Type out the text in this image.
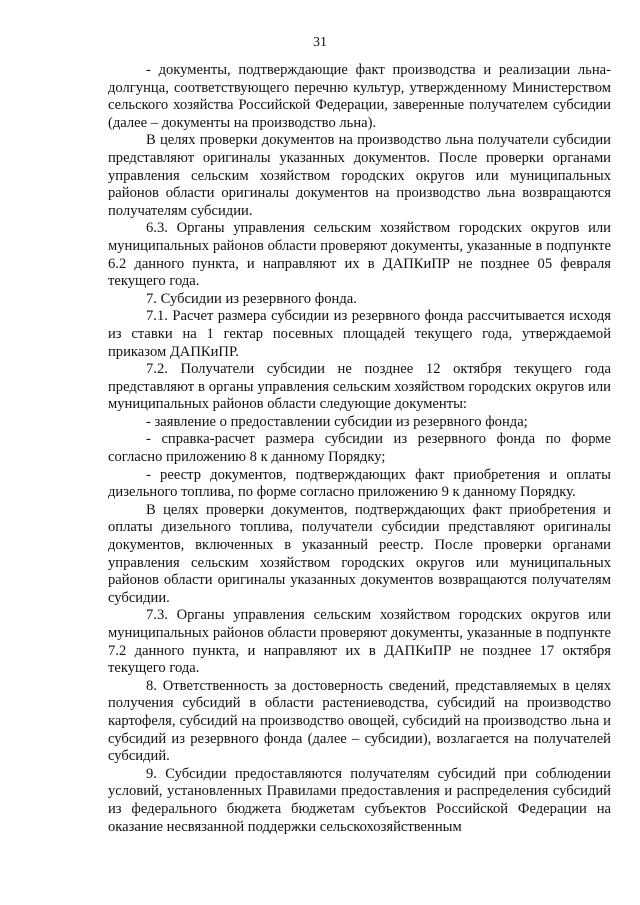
31

- документы, подтверждающие факт производства и реализации льна-долгунца, соответствующего перечню культур, утвержденному Министерством сельского хозяйства Российской Федерации, заверенные получателем субсидии (далее – документы на производство льна).

В целях проверки документов на производство льна получатели субсидии представляют оригиналы указанных документов. После проверки органами управления сельским хозяйством городских округов или муниципальных районов области оригиналы документов на производство льна возвращаются получателям субсидии.

6.3. Органы управления сельским хозяйством городских округов или муниципальных районов области проверяют документы, указанные в подпункте 6.2 данного пункта, и направляют их в ДАПКиПР не позднее 05 февраля текущего года.

7. Субсидии из резервного фонда.

7.1. Расчет размера субсидии из резервного фонда рассчитывается исходя из ставки на 1 гектар посевных площадей текущего года, утверждаемой приказом ДАПКиПР.

7.2. Получатели субсидии не позднее 12 октября текущего года представляют в органы управления сельским хозяйством городских округов или муниципальных районов области следующие документы:

- заявление о предоставлении субсидии из резервного фонда;

- справка-расчет размера субсидии из резервного фонда по форме согласно приложению 8 к данному Порядку;

- реестр документов, подтверждающих факт приобретения и оплаты дизельного топлива, по форме согласно приложению 9 к данному Порядку.

В целях проверки документов, подтверждающих факт приобретения и оплаты дизельного топлива, получатели субсидии представляют оригиналы документов, включенных в указанный реестр. После проверки органами управления сельским хозяйством городских округов или муниципальных районов области оригиналы указанных документов возвращаются получателям субсидии.

7.3. Органы управления сельским хозяйством городских округов или муниципальных районов области проверяют документы, указанные в подпункте 7.2 данного пункта, и направляют их в ДАПКиПР не позднее 17 октября текущего года.

8. Ответственность за достоверность сведений, представляемых в целях получения субсидий в области растениеводства, субсидий на производство картофеля, субсидий на производство овощей, субсидий на производство льна и субсидий из резервного фонда (далее – субсидии), возлагается на получателей субсидий.

9. Субсидии предоставляются получателям субсидий при соблюдении условий, установленных Правилами предоставления и распределения субсидий из федерального бюджета бюджетам субъектов Российской Федерации на оказание несвязанной поддержки сельскохозяйственным
